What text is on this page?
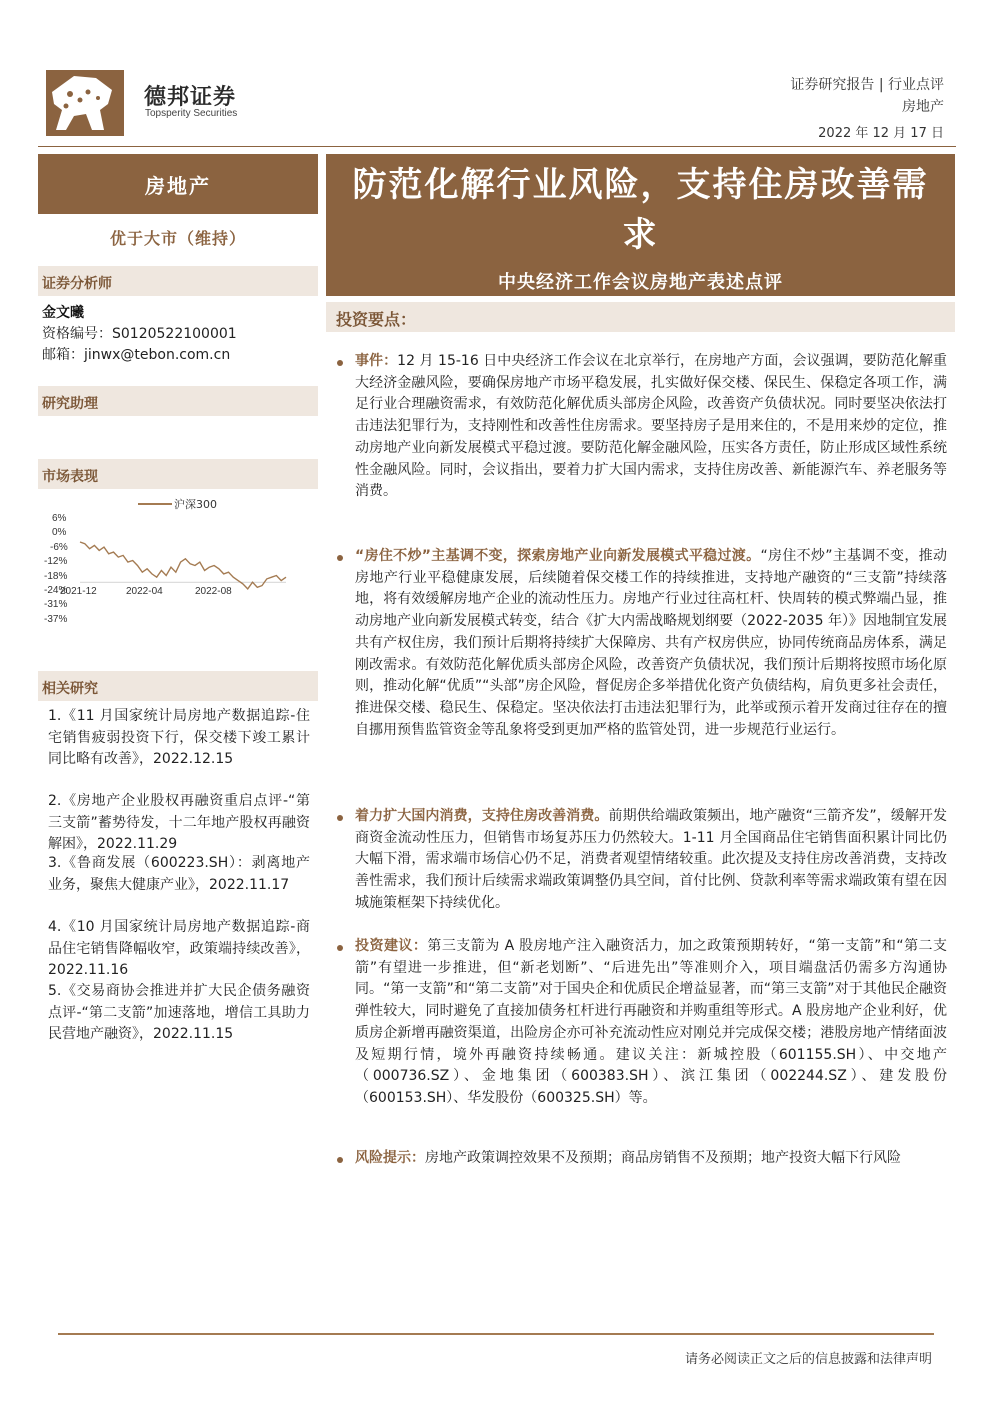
德邦证券
Topsperity Securities
证券研究报告 | 行业点评
房地产
2022 年 12 月 17 日
房地产
优于大市（维持）
证券分析师
金文曦
资格编号：S0120522100001
邮箱：jinwx@tebon.com.cn
研究助理
市场表现
沪深300
6%
0%
-6%
-12%
-18%
-24%
-31%
-37%
2021-12	2022-04	2022-08
相关研究
1.《11 月国家统计局房地产数据追踪-住宅销售疲弱投资下行，保交楼下竣工累计同比略有改善》，2022.12.15
2.《房地产企业股权再融资重启点评-“第三支箭”蓄势待发，十二年地产股权再融资解困》，2022.11.29
3.《鲁商发展（600223.SH）：剥离地产业务，聚焦大健康产业》，2022.11.17
4.《10 月国家统计局房地产数据追踪-商品住宅销售降幅收窄，政策端持续改善》，2022.11.16
5.《交易商协会推进并扩大民企债务融资点评-“第二支箭”加速落地，增信工具助力民营地产融资》，2022.11.15
防范化解行业风险，支持住房改善需求
中央经济工作会议房地产表述点评
投资要点：
事件：12 月 15-16 日中央经济工作会议在北京举行，在房地产方面，会议强调，要防范化解重大经济金融风险，要确保房地产市场平稳发展，扎实做好保交楼、保民生、保稳定各项工作，满足行业合理融资需求，有效防范化解优质头部房企风险，改善资产负债状况。同时要坚决依法打击违法犯罪行为，支持刚性和改善性住房需求。要坚持房子是用来住的，不是用来炒的定位，推动房地产业向新发展模式平稳过渡。要防范化解金融风险，压实各方责任，防止形成区域性系统性金融风险。同时，会议指出，要着力扩大国内需求，支持住房改善、新能源汽车、养老服务等消费。
“房住不炒”主基调不变，探索房地产业向新发展模式平稳过渡。“房住不炒”主基调不变，推动房地产行业平稳健康发展，后续随着保交楼工作的持续推进，支持地产融资的“三支箭”持续落地，将有效缓解房地产企业的流动性压力。房地产行业过往高杠杆、快周转的模式弊端凸显，推动房地产业向新发展模式转变，结合《扩大内需战略规划纲要（2022-2035 年）》因地制宜发展共有产权住房，我们预计后期将持续扩大保障房、共有产权房供应，协同传统商品房体系，满足刚改需求。有效防范化解优质头部房企风险，改善资产负债状况，我们预计后期将按照市场化原则，推动化解“优质”“头部”房企风险，督促房企多举措优化资产负债结构，肩负更多社会责任，推进保交楼、稳民生、保稳定。坚决依法打击违法犯罪行为，此举或预示着开发商过往存在的擅自挪用预售监管资金等乱象将受到更加严格的监管处罚，进一步规范行业运行。
着力扩大国内消费，支持住房改善消费。前期供给端政策频出，地产融资“三箭齐发”，缓解开发商资金流动性压力，但销售市场复苏压力仍然较大。1-11 月全国商品住宅销售面积累计同比仍大幅下滑，需求端市场信心仍不足，消费者观望情绪较重。此次提及支持住房改善消费，支持改善性需求，我们预计后续需求端政策调整仍具空间，首付比例、贷款利率等需求端政策有望在因城施策框架下持续优化。
投资建议：第三支箭为 A 股房地产注入融资活力，加之政策预期转好，“第一支箭”和“第二支箭”有望进一步推进，但“新老划断”、“后进先出”等准则介入，项目端盘活仍需多方沟通协同。“第一支箭”和“第二支箭”对于国央企和优质民企增益显著，而“第三支箭”对于其他民企融资弹性较大，同时避免了直接加债务杠杆进行再融资和并购重组等形式。A 股房地产企业利好，优质房企新增再融资渠道，出险房企亦可补充流动性应对刚兑并完成保交楼；港股房地产情绪面波及短期行情，境外再融资持续畅通。建议关注：新城控股（601155.SH）、中交地产（000736.SZ）、金地集团（600383.SH）、滨江集团（002244.SZ）、建发股份（600153.SH）、华发股份（600325.SH）等。
风险提示：房地产政策调控效果不及预期；商品房销售不及预期；地产投资大幅下行风险
请务必阅读正文之后的信息披露和法律声明
